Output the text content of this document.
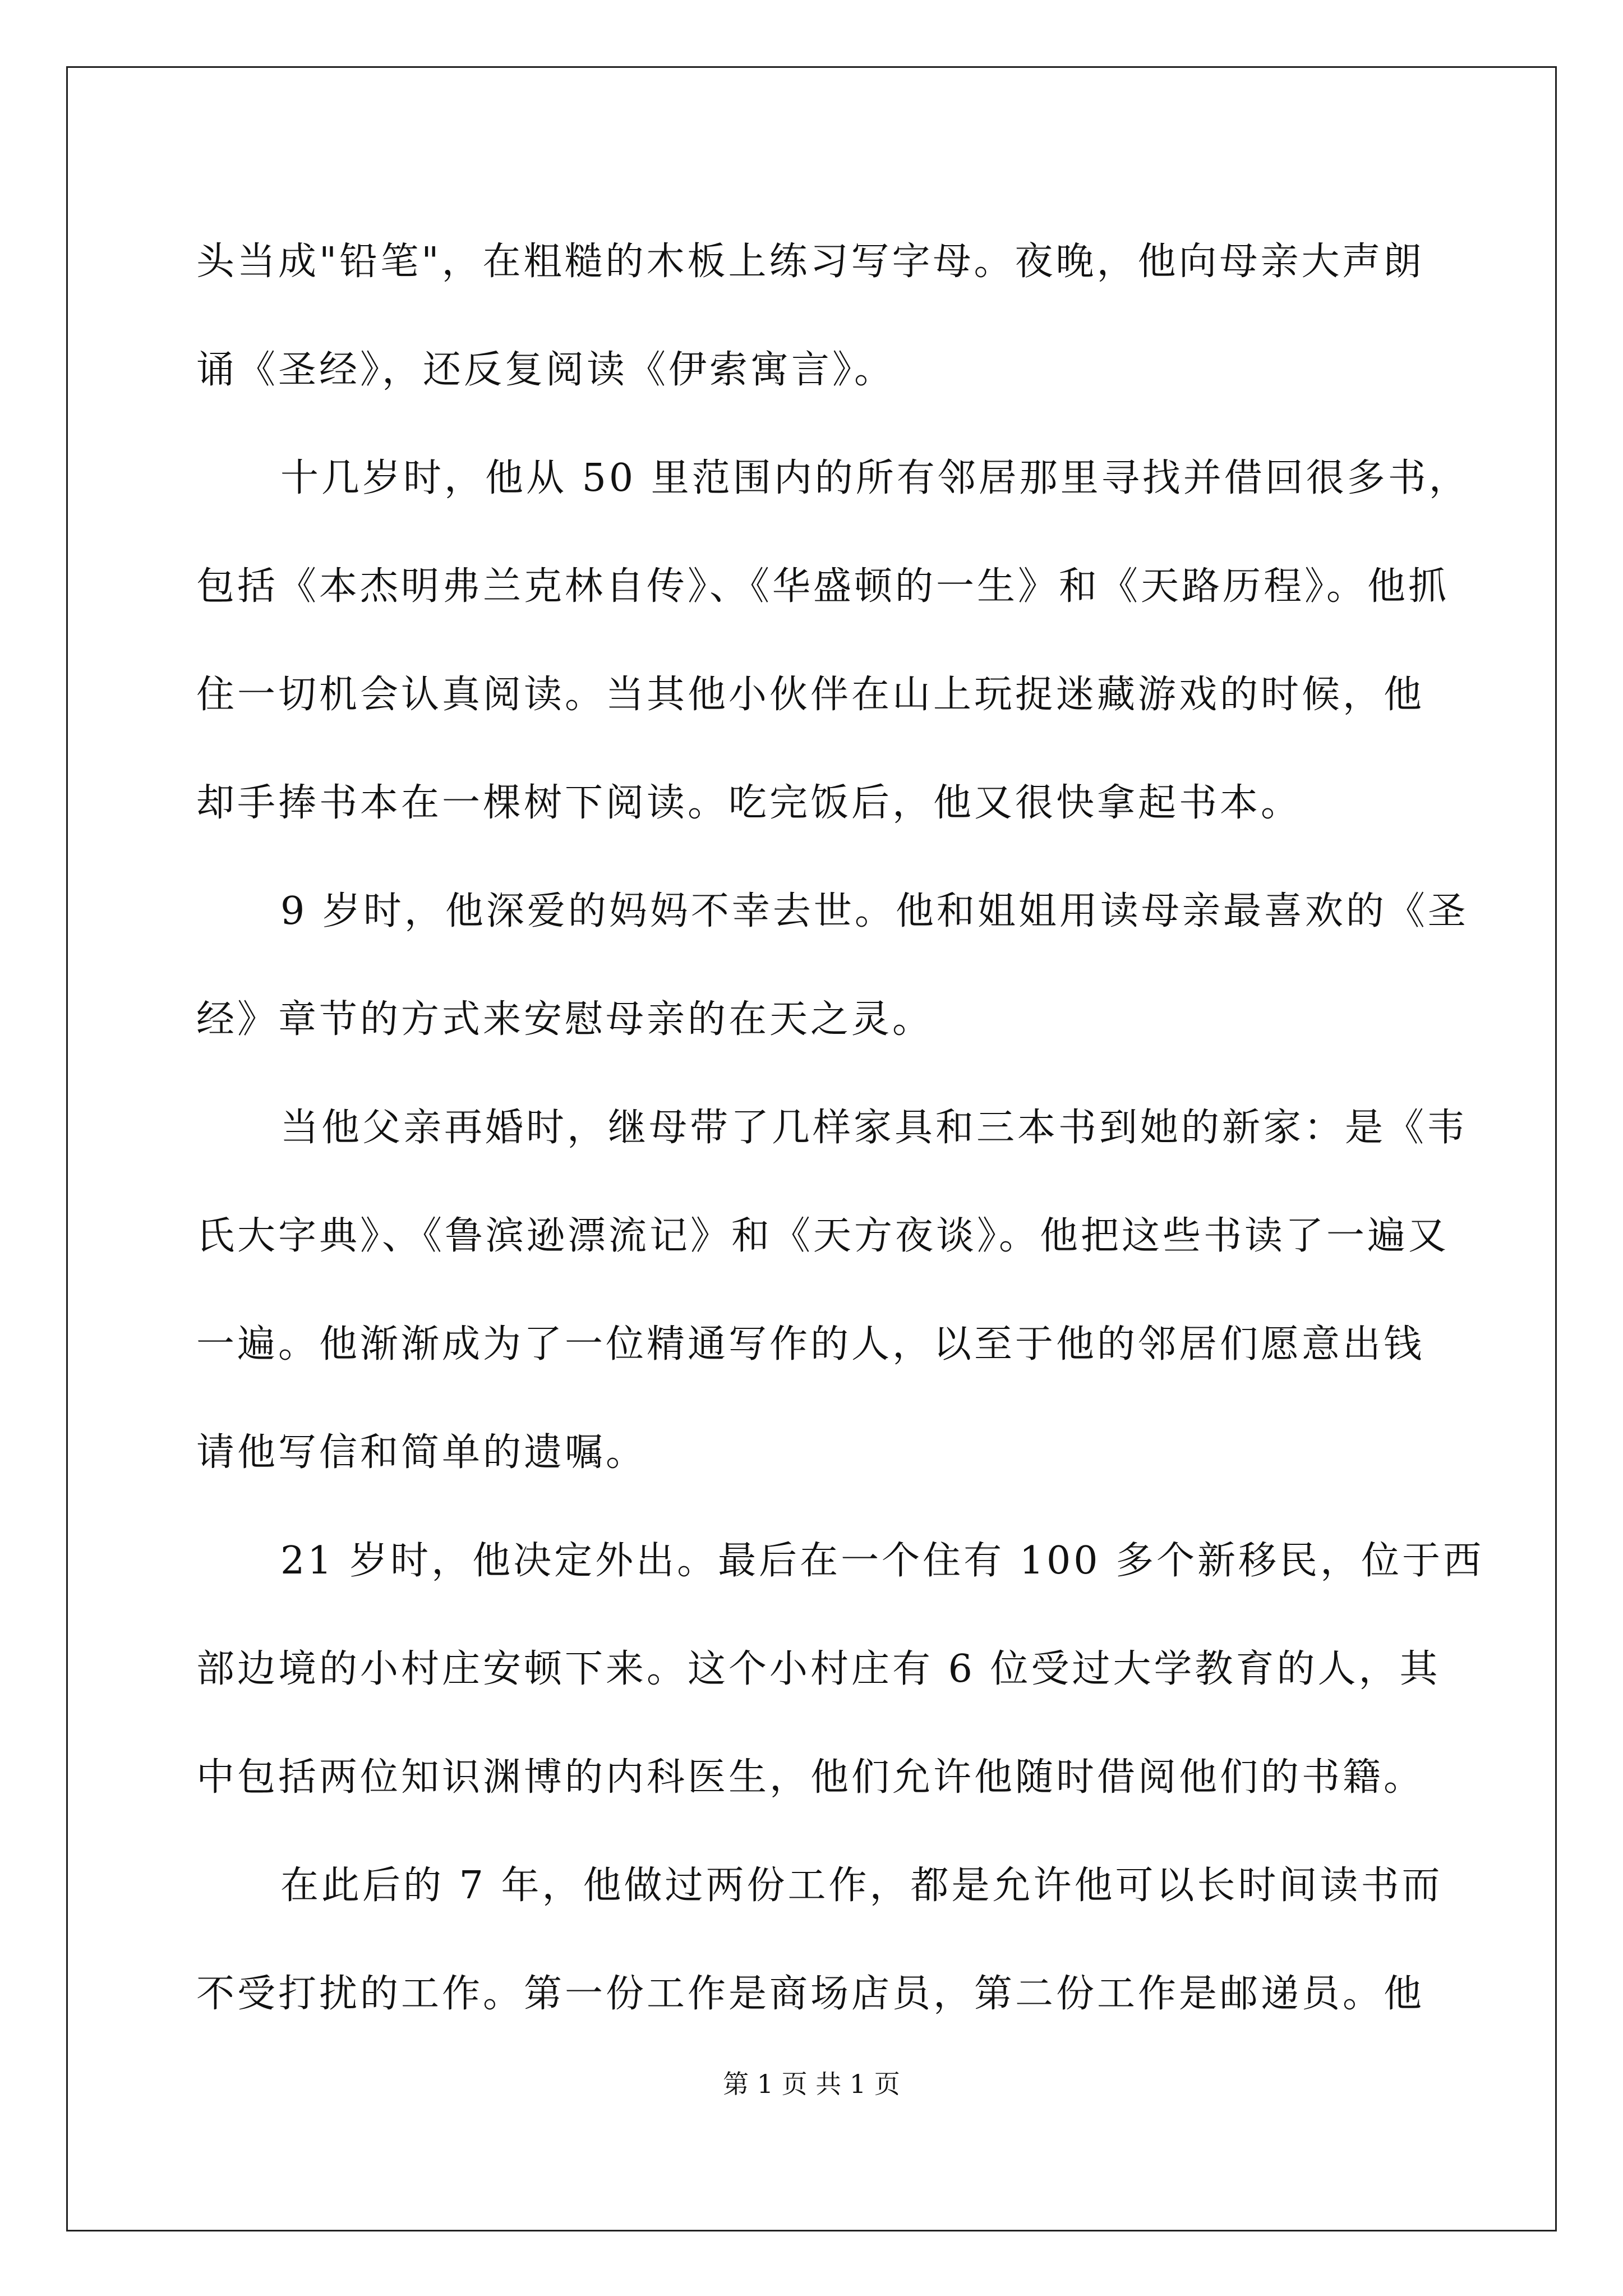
头当成"铅笔"，在粗糙的木板上练习写字母。夜晚，他向母亲大声朗
诵《圣经》，还反复阅读《伊索寓言》。
十几岁时，他从 50 里范围内的所有邻居那里寻找并借回很多书，
包括《本杰明弗兰克林自传》、《华盛顿的一生》和《天路历程》。他抓
住一切机会认真阅读。当其他小伙伴在山上玩捉迷藏游戏的时候，他
却手捧书本在一棵树下阅读。吃完饭后，他又很快拿起书本。
9 岁时，他深爱的妈妈不幸去世。他和姐姐用读母亲最喜欢的《圣
经》章节的方式来安慰母亲的在天之灵。
当他父亲再婚时，继母带了几样家具和三本书到她的新家：是《韦
氏大字典》、《鲁滨逊漂流记》和《天方夜谈》。他把这些书读了一遍又
一遍。他渐渐成为了一位精通写作的人，以至于他的邻居们愿意出钱
请他写信和简单的遗嘱。
21 岁时，他决定外出。最后在一个住有 100 多个新移民，位于西
部边境的小村庄安顿下来。这个小村庄有 6 位受过大学教育的人，其
中包括两位知识渊博的内科医生，他们允许他随时借阅他们的书籍。
在此后的 7 年，他做过两份工作，都是允许他可以长时间读书而
不受打扰的工作。第一份工作是商场店员，第二份工作是邮递员。他
第 1 页 共 1 页
